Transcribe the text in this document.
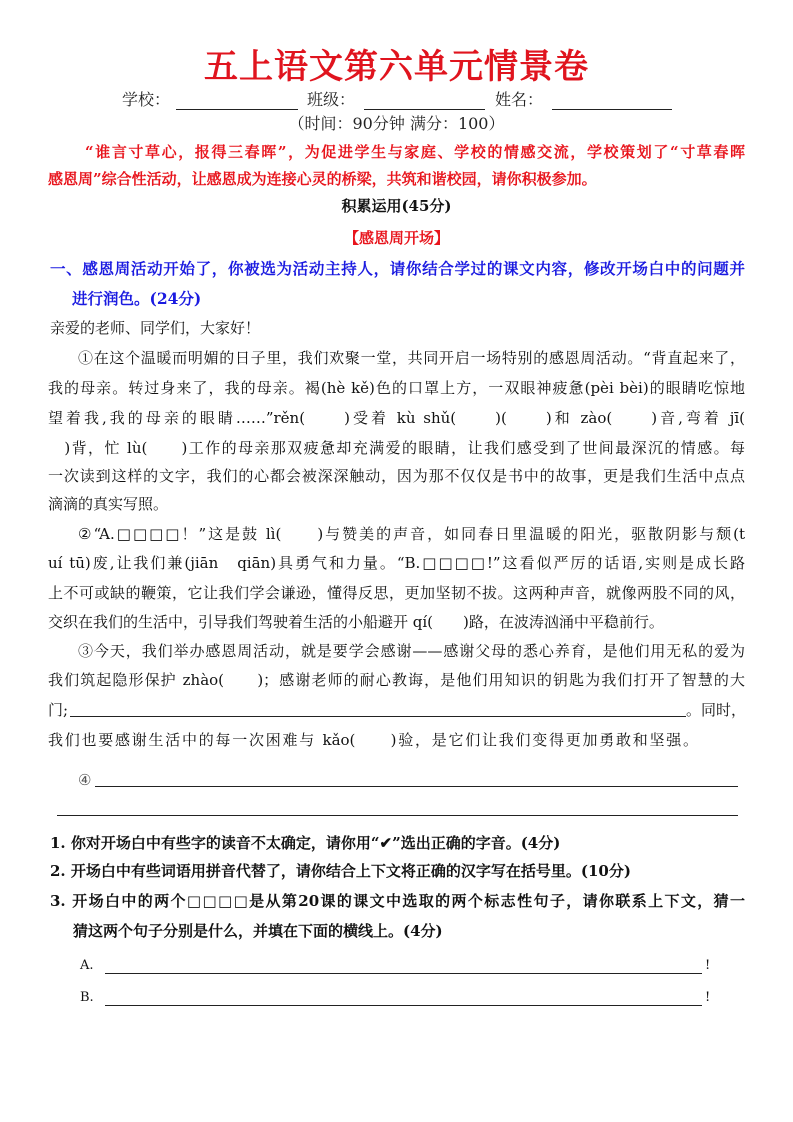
五上语文第六单元情景卷
学校：	班级：	姓名：
（时间：90分钟 满分：100）
“谁言寸草心，报得三春晖”，为促进学生与家庭、学校的情感交流，学校策划了“寸草春晖
感恩周”综合性活动，让感恩成为连接心灵的桥梁，共筑和谐校园，请你积极参加。
积累运用(45分)
【感恩周开场】
一、感恩周活动开始了，你被选为活动主持人，请你结合学过的课文内容，修改开场白中的问题并
进行润色。(24分)
亲爱的老师、同学们，大家好！
①在这个温暖而明媚的日子里，我们欢聚一堂，共同开启一场特别的感恩周活动。“背直起来了，
我的母亲。转过身来了，我的母亲。褐(hè kě)色的口罩上方，一双眼神疲惫(pèi bèi)的眼睛吃惊地
望着我,我的母亲的眼睛……”rěn(　　)受着 kù shǔ(　　)(　　)和 zào(　　)音,弯着 jī(
　)背，忙 lù(　　)工作的母亲那双疲惫却充满爱的眼睛，让我们感受到了世间最深沉的情感。每
一次读到这样的文字，我们的心都会被深深触动，因为那不仅仅是书中的故事，更是我们生活中点点
滴滴的真实写照。
②“A.□□□□！”这是鼓 lì(　　)与赞美的声音，如同春日里温暖的阳光，驱散阴影与颓(t
uí tū)废,让我们兼(jiān　qiān)具勇气和力量。“B.□□□□!”这看似严厉的话语,实则是成长路
上不可或缺的鞭策，它让我们学会谦逊，懂得反思，更加坚韧不拔。这两种声音，就像两股不同的风，
交织在我们的生活中，引导我们驾驶着生活的小船避开 qí(　　)路，在波涛汹涌中平稳前行。
③今天，我们举办感恩周活动，就是要学会感谢——感谢父母的悉心养育，是他们用无私的爱为
我们筑起隐形保护 zhào(　　)；感谢老师的耐心教诲，是他们用知识的钥匙为我们打开了智慧的大
门;	。同时，
我们也要感谢生活中的每一次困难与 kǎo(　　)验，是它们让我们变得更加勇敢和坚强。
④
1. 你对开场白中有些字的读音不太确定，请你用“✔”选出正确的字音。(4分)
2. 开场白中有些词语用拼音代替了，请你结合上下文将正确的汉字写在括号里。(10分)
3. 开场白中的两个□□□□是从第20课的课文中选取的两个标志性句子，请你联系上下文，猜一
猜这两个句子分别是什么，并填在下面的横线上。(4分)
A.	!
B.	!
